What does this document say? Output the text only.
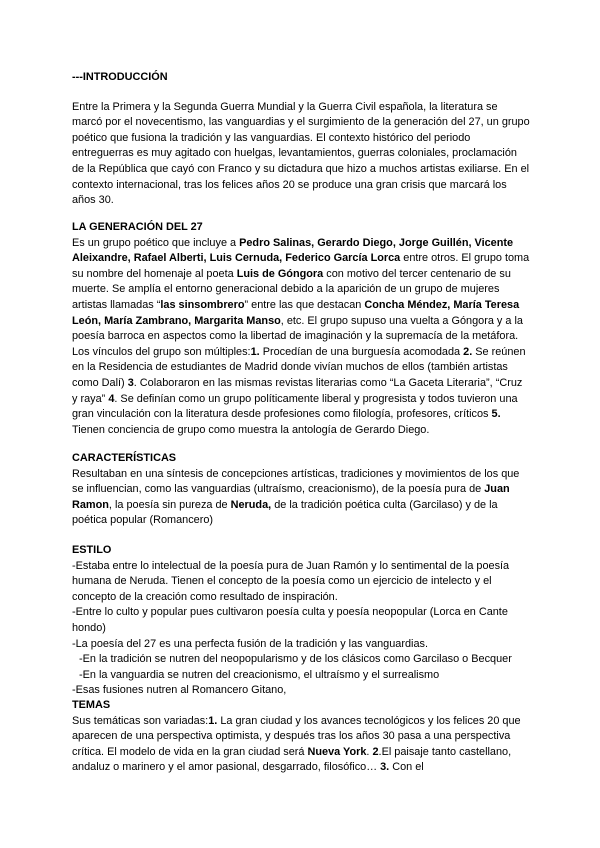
---INTRODUCCIÓN

Entre la Primera y la Segunda Guerra Mundial y la Guerra Civil española, la literatura se marcó por el novecentismo, las vanguardias y el surgimiento de la generación del 27, un grupo poético que fusiona la tradición y las vanguardias. El contexto histórico del periodo entreguerras es muy agitado con huelgas, levantamientos, guerras coloniales, proclamación de la República que cayó con Franco y su dictadura que hizo a muchos artistas exiliarse. En el contexto internacional, tras los felices años 20 se produce una gran crisis que marcará los años 30.

LA GENERACIÓN DEL 27

Es un grupo poético que incluye a Pedro Salinas, Gerardo Diego, Jorge Guillén, Vicente Aleixandre, Rafael Alberti, Luis Cernuda, Federico García Lorca entre otros. El grupo toma su nombre del homenaje al poeta Luis de Góngora con motivo del tercer centenario de su muerte. Se amplía el entorno generacional debido a la aparición de un grupo de mujeres artistas llamadas “las sinsombrero” entre las que destacan Concha Méndez, María Teresa León, María Zambrano, Margarita Manso, etc. El grupo supuso una vuelta a Góngora y a la poesía barroca en aspectos como la libertad de imaginación y la supremacía de la metáfora. Los vínculos del grupo son múltiples:1. Procedían de una burguesía acomodada 2. Se reúnen en la Residencia de estudiantes de Madrid donde vivían muchos de ellos (también artistas como Dalí) 3. Colaboraron en las mismas revistas literarias como “La Gaceta Literaria”, “Cruz y raya” 4. Se definían como un grupo políticamente liberal y progresista y todos tuvieron una gran vinculación con la literatura desde profesiones como filología, profesores, críticos 5. Tienen conciencia de grupo como muestra la antología de Gerardo Diego.

CARACTERÍSTICAS

Resultaban en una síntesis de concepciones artísticas, tradiciones y movimientos de los que se influencian, como las vanguardias (ultraísmo, creacionismo), de la poesía pura de Juan Ramon, la poesía sin pureza de Neruda, de la tradición poética culta (Garcilaso) y de la poética popular (Romancero)

ESTILO

-Estaba entre lo intelectual de la poesía pura de Juan Ramón y lo sentimental de la poesía humana de Neruda. Tienen el concepto de la poesía como un ejercicio de intelecto y el concepto de la creación como resultado de inspiración.

-Entre lo culto y popular pues cultivaron poesía culta y poesía neopopular (Lorca en Cante hondo)

-La poesía del 27 es una perfecta fusión de la tradición y las vanguardias.

-En la tradición se nutren del neopopularismo y de los clásicos como Garcilaso o Becquer

-En la vanguardia se nutren del creacionismo, el ultraísmo y el surrealismo

-Esas fusiones nutren al Romancero Gitano,

TEMAS

Sus temáticas son variadas:1. La gran ciudad y los avances tecnológicos y los felices 20 que aparecen de una perspectiva optimista, y después tras los años 30 pasa a una perspectiva crítica. El modelo de vida en la gran ciudad será Nueva York. 2.El paisaje tanto castellano, andaluz o marinero y el amor pasional, desgarrado, filosófico… 3. Con el
